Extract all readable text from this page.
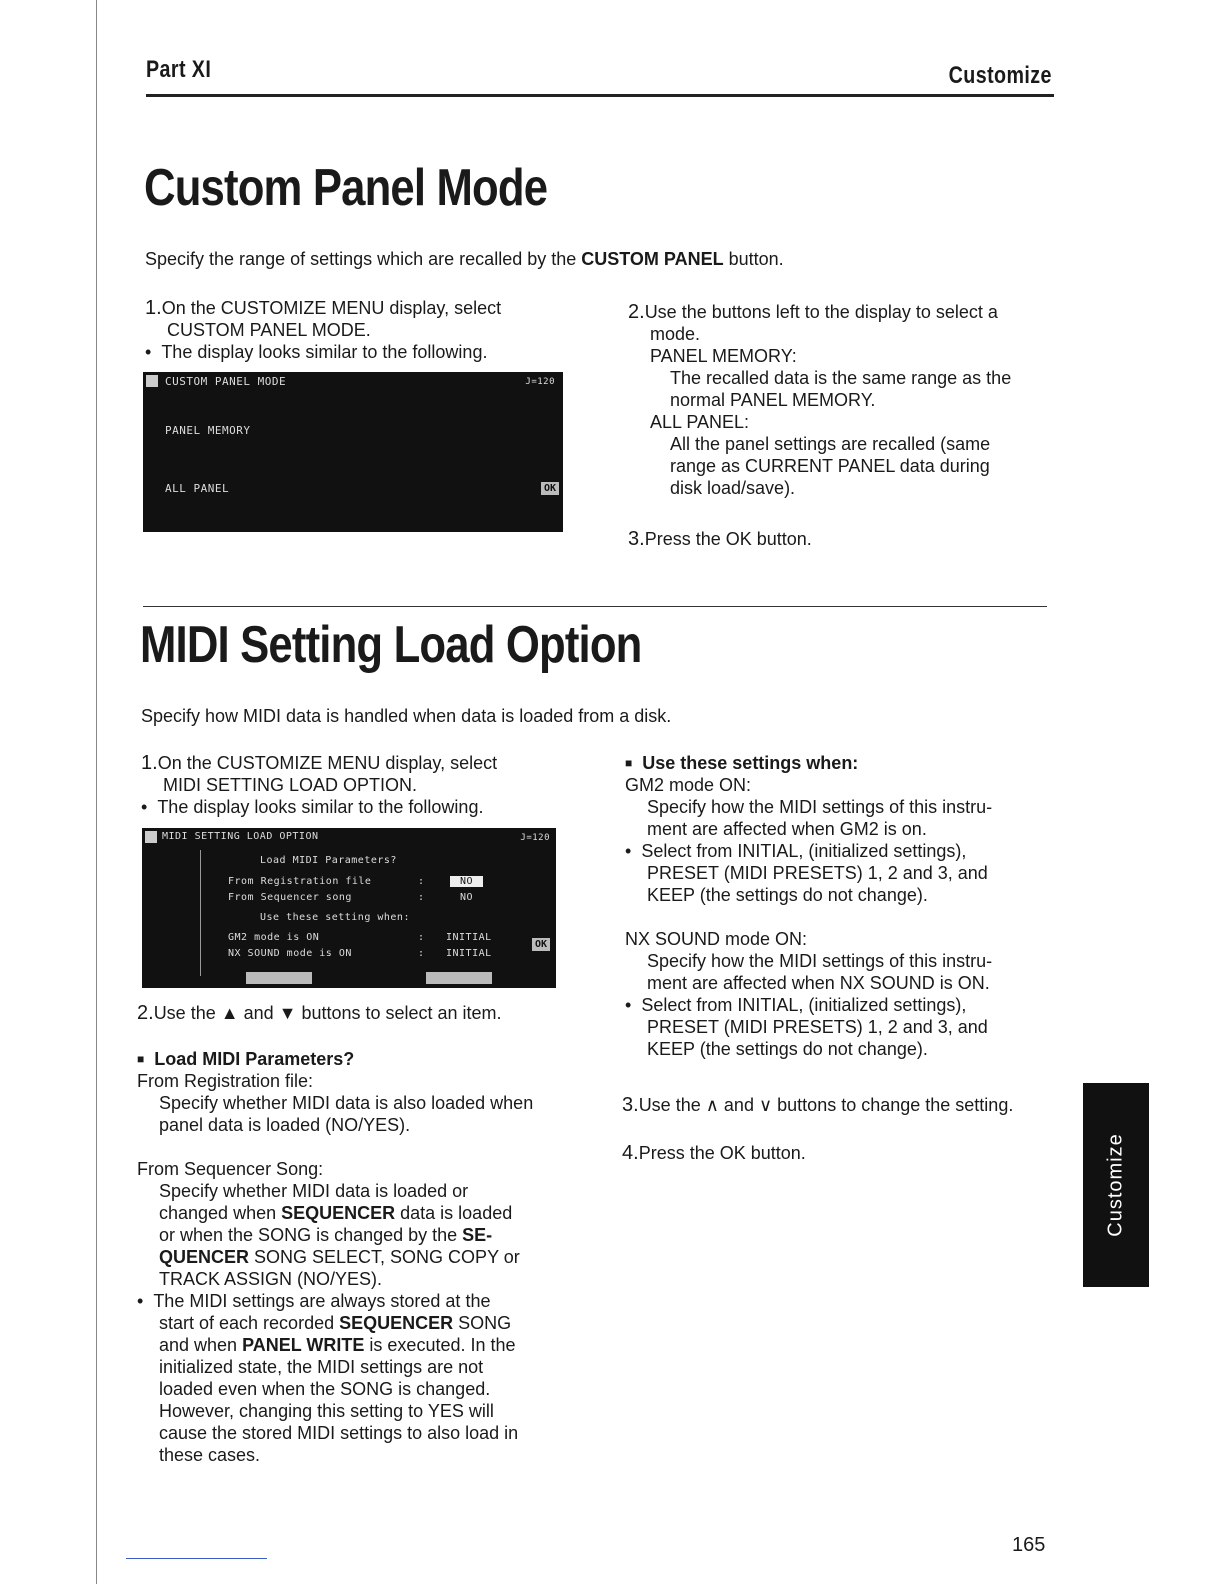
Part XI	Customize
Custom Panel Mode

Specify the range of settings which are recalled by the CUSTOM PANEL button.

1.On the CUSTOMIZE MENU display, select

CUSTOM PANEL MODE.

• The display looks similar to the following.

CUSTOM PANEL MODE	J=120
PANEL MEMORY
ALL PANEL	OK

2.Use the buttons left to the display to select a

mode.

PANEL MEMORY:

The recalled data is the same range as the

normal PANEL MEMORY.

ALL PANEL:

All the panel settings are recalled (same

range as CURRENT PANEL data during

disk load/save).

3.Press the OK button.

MIDI Setting Load Option

Specify how MIDI data is handled when data is loaded from a disk.

1.On the CUSTOMIZE MENU display, select

MIDI SETTING LOAD OPTION.

• The display looks similar to the following.

MIDI SETTING LOAD OPTION	J=120
Load MIDI Parameters?
From Registration file	:	NO
From Sequencer song	:	NO
Use these setting when:
GM2 mode is ON	: INITIAL
NX SOUND mode is ON	: INITIAL
OK

2.Use the ▲ and ▼ buttons to select an item.

■ Load MIDI Parameters?

From Registration file:

Specify whether MIDI data is also loaded when

panel data is loaded (NO/YES).

From Sequencer Song:

Specify whether MIDI data is loaded or

changed when SEQUENCER data is loaded

or when the SONG is changed by the SE-

QUENCER SONG SELECT, SONG COPY or

TRACK ASSIGN (NO/YES).

• The MIDI settings are always stored at the

start of each recorded SEQUENCER SONG

and when PANEL WRITE is executed. In the

initialized state, the MIDI settings are not

loaded even when the SONG is changed.

However, changing this setting to YES will

cause the stored MIDI settings to also load in

these cases.

■ Use these settings when:

GM2 mode ON:

Specify how the MIDI settings of this instru-

ment are affected when GM2 is on.

• Select from INITIAL, (initialized settings),

PRESET (MIDI PRESETS) 1, 2 and 3, and

KEEP (the settings do not change).

NX SOUND mode ON:

Specify how the MIDI settings of this instru-

ment are affected when NX SOUND is ON.

• Select from INITIAL, (initialized settings),

PRESET (MIDI PRESETS) 1, 2 and 3, and

KEEP (the settings do not change).

3.Use the ∧ and ∨ buttons to change the setting.

4.Press the OK button.	Customize
165
